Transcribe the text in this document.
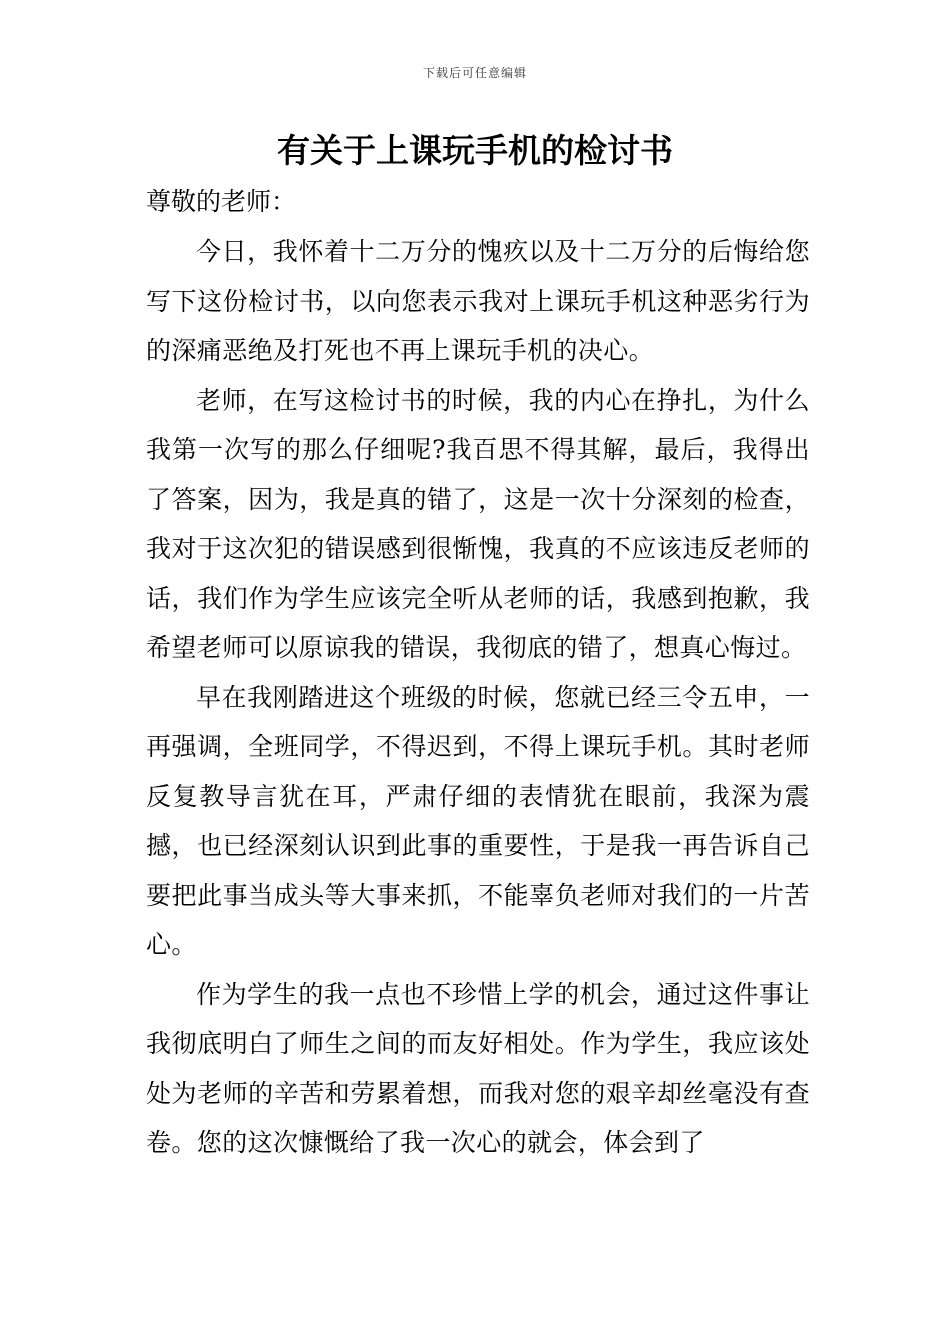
下载后可任意编辑
有关于上课玩手机的检讨书

尊敬的老师：

今日，我怀着十二万分的愧疚以及十二万分的后悔给您写下这份检讨书，以向您表示我对上课玩手机这种恶劣行为的深痛恶绝及打死也不再上课玩手机的决心。

老师，在写这检讨书的时候，我的内心在挣扎，为什么我第一次写的那么仔细呢?我百思不得其解，最后，我得出了答案，因为，我是真的错了，这是一次十分深刻的检查，我对于这次犯的错误感到很惭愧，我真的不应该违反老师的话，我们作为学生应该完全听从老师的话，我感到抱歉，我希望老师可以原谅我的错误，我彻底的错了，想真心悔过。

早在我刚踏进这个班级的时候，您就已经三令五申，一再强调，全班同学，不得迟到，不得上课玩手机。其时老师反复教导言犹在耳，严肃仔细的表情犹在眼前，我深为震撼，也已经深刻认识到此事的重要性，于是我一再告诉自己要把此事当成头等大事来抓，不能辜负老师对我们的一片苦心。

作为学生的我一点也不珍惜上学的机会，通过这件事让我彻底明白了师生之间的而友好相处。作为学生，我应该处处为老师的辛苦和劳累着想，而我对您的艰辛却丝毫没有查卷。您的这次慷慨给了我一次心的就会，体会到了
